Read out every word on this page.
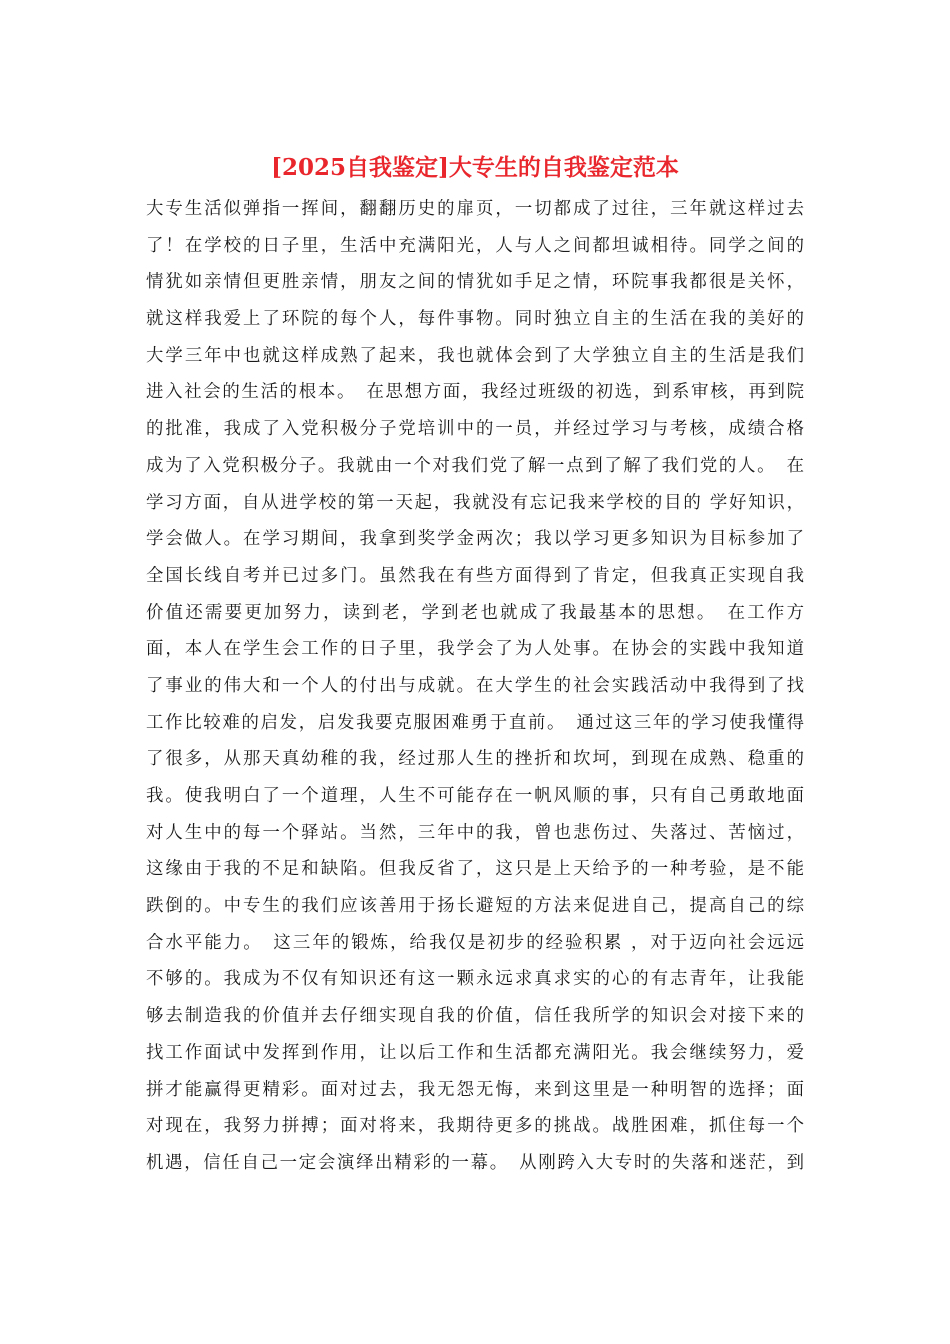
[2025自我鉴定]大专生的自我鉴定范本
大专生活似弹指一挥间，翻翻历史的扉页，一切都成了过往，三年就这样过去
了！在学校的日子里，生活中充满阳光，人与人之间都坦诚相待。同学之间的
情犹如亲情但更胜亲情，朋友之间的情犹如手足之情，环院事我都很是关怀，
就这样我爱上了环院的每个人，每件事物。同时独立自主的生活在我的美好的
大学三年中也就这样成熟了起来，我也就体会到了大学独立自主的生活是我们
进入社会的生活的根本。　在思想方面，我经过班级的初选，到系审核，再到院
的批准，我成了入党积极分子党培训中的一员，并经过学习与考核，成绩合格
成为了入党积极分子。我就由一个对我们党了解一点到了解了我们党的人。　在
学习方面，自从进学校的第一天起，我就没有忘记我来学校的目的 学好知识，
学会做人。在学习期间，我拿到奖学金两次；我以学习更多知识为目标参加了
全国长线自考并已过多门。虽然我在有些方面得到了肯定，但我真正实现自我
价值还需要更加努力，读到老，学到老也就成了我最基本的思想。　在工作方
面，本人在学生会工作的日子里，我学会了为人处事。在协会的实践中我知道
了事业的伟大和一个人的付出与成就。在大学生的社会实践活动中我得到了找
工作比较难的启发，启发我要克服困难勇于直前。　通过这三年的学习使我懂得
了很多，从那天真幼稚的我，经过那人生的挫折和坎坷，到现在成熟、稳重的
我。使我明白了一个道理，人生不可能存在一帆风顺的事，只有自己勇敢地面
对人生中的每一个驿站。当然，三年中的我，曾也悲伤过、失落过、苦恼过，
这缘由于我的不足和缺陷。但我反省了，这只是上天给予的一种考验，是不能
跌倒的。中专生的我们应该善用于扬长避短的方法来促进自己，提高自己的综
合水平能力。　这三年的锻炼，给我仅是初步的经验积累 ，对于迈向社会远远
不够的。我成为不仅有知识还有这一颗永远求真求实的心的有志青年，让我能
够去制造我的价值并去仔细实现自我的价值，信任我所学的知识会对接下来的
找工作面试中发挥到作用，让以后工作和生活都充满阳光。我会继续努力，爱
拼才能赢得更精彩。面对过去，我无怨无悔，来到这里是一种明智的选择；面
对现在，我努力拼搏；面对将来，我期待更多的挑战。战胜困难，抓住每一个
机遇，信任自己一定会演绎出精彩的一幕。　从刚跨入大专时的失落和迷茫，到
